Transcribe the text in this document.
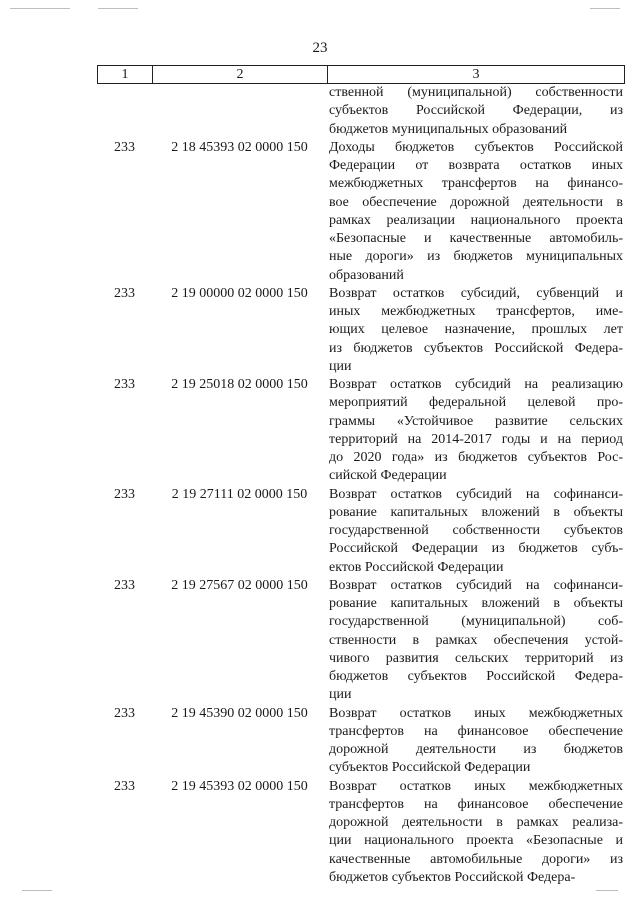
23
1	2	3
ственной (муниципальной) собственности
субъектов Российской Федерации, из
бюджетов муниципальных образований
233	2 18 45393 02 0000 150	Доходы бюджетов субъектов Российской
Федерации от возврата остатков иных
межбюджетных трансфертов на финансо-
вое обеспечение дорожной деятельности в
рамках реализации национального проекта
«Безопасные и качественные автомобиль-
ные дороги» из бюджетов муниципальных
образований
233	2 19 00000 02 0000 150	Возврат остатков субсидий, субвенций и
иных межбюджетных трансфертов, име-
ющих целевое назначение, прошлых лет
из бюджетов субъектов Российской Федера-
ции
233	2 19 25018 02 0000 150	Возврат остатков субсидий на реализацию
мероприятий федеральной целевой про-
граммы «Устойчивое развитие сельских
территорий на 2014-2017 годы и на период
до 2020 года» из бюджетов субъектов Рос-
сийской Федерации
233	2 19 27111 02 0000 150	Возврат остатков субсидий на софинанси-
рование капитальных вложений в объекты
государственной собственности субъектов
Российской Федерации из бюджетов субъ-
ектов Российской Федерации
233	2 19 27567 02 0000 150	Возврат остатков субсидий на софинанси-
рование капитальных вложений в объекты
государственной (муниципальной) соб-
ственности в рамках обеспечения устой-
чивого развития сельских территорий из
бюджетов субъектов Российской Федера-
ции
233	2 19 45390 02 0000 150	Возврат остатков иных межбюджетных
трансфертов на финансовое обеспечение
дорожной деятельности из бюджетов
субъектов Российской Федерации
233	2 19 45393 02 0000 150	Возврат остатков иных межбюджетных
трансфертов на финансовое обеспечение
дорожной деятельности в рамках реализа-
ции национального проекта «Безопасные и
качественные автомобильные дороги» из
бюджетов субъектов Российской Федера-
